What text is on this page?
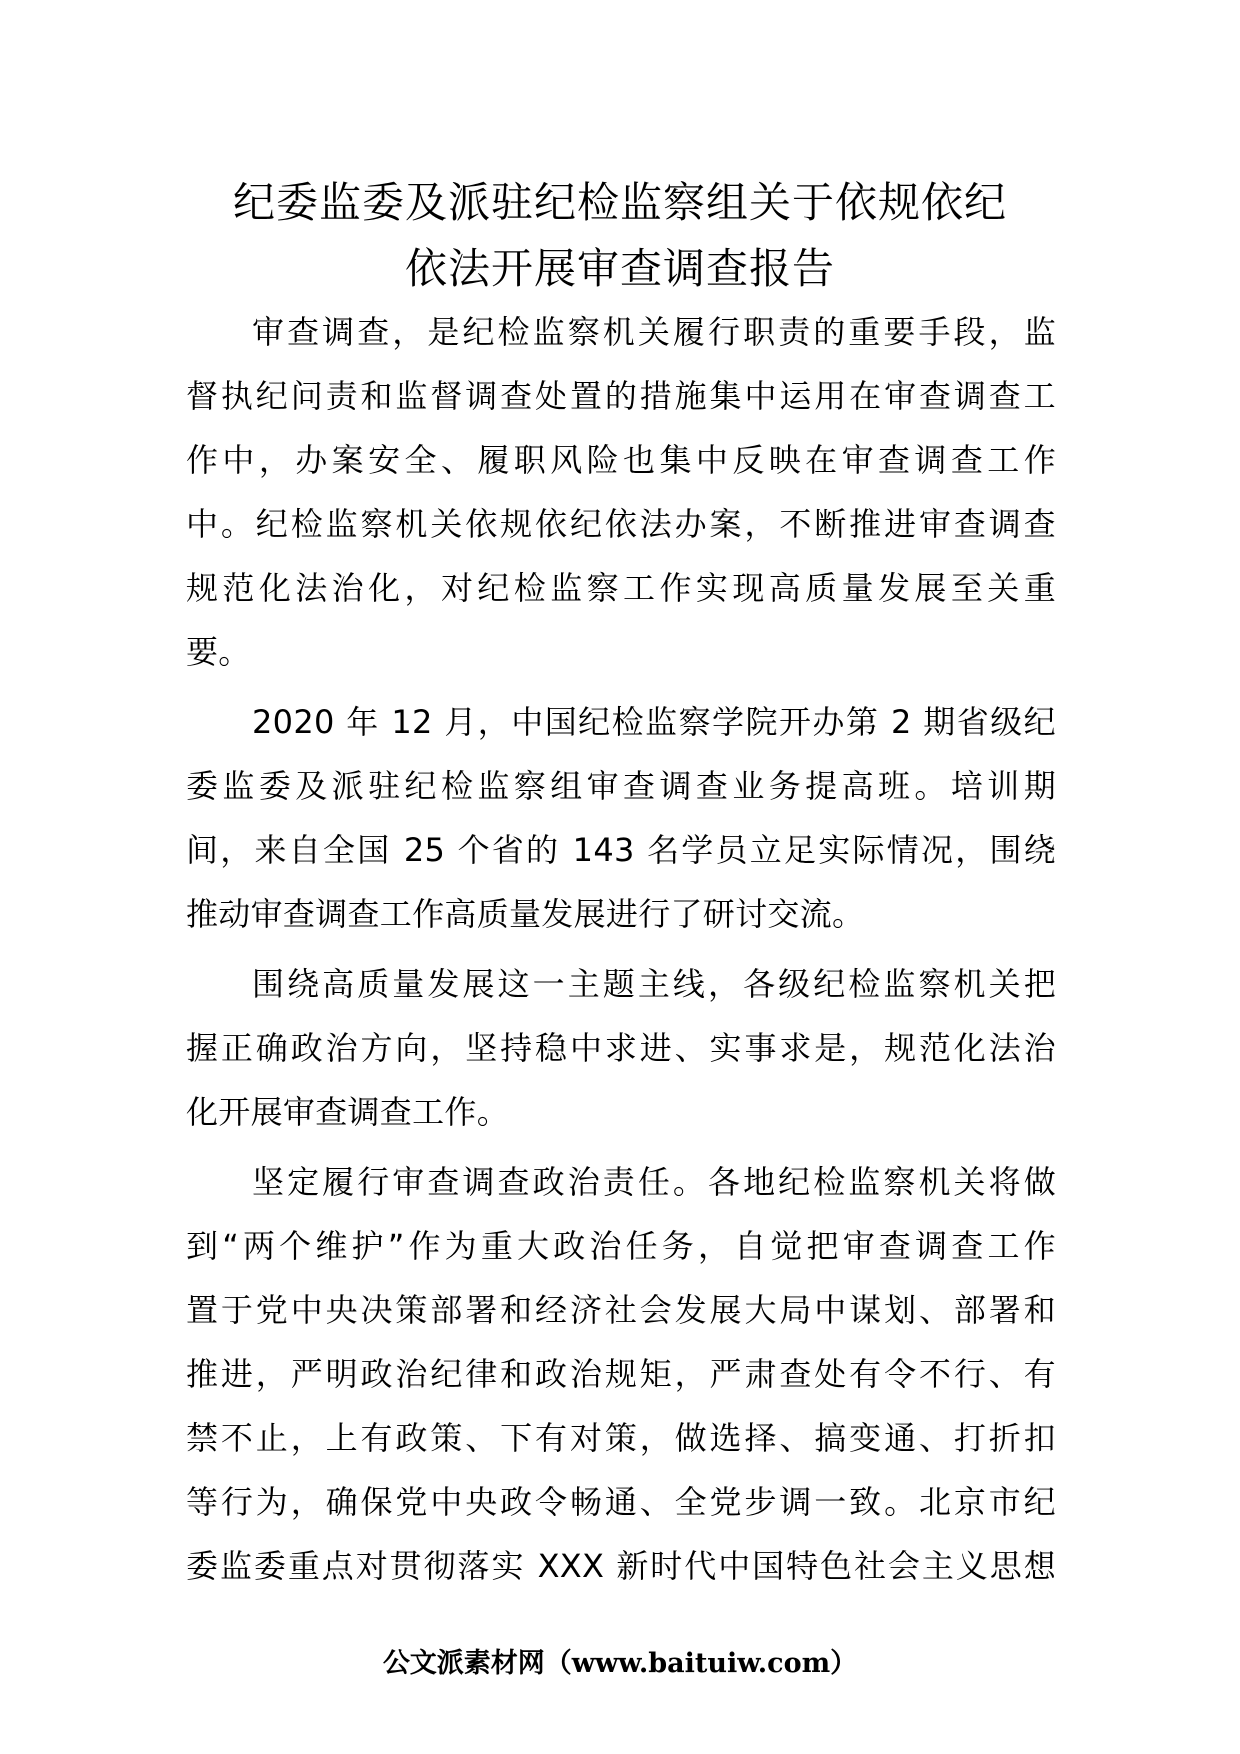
纪委监委及派驻纪检监察组关于依规依纪
依法开展审查调查报告
审查调查，是纪检监察机关履行职责的重要手段，监
督执纪问责和监督调查处置的措施集中运用在审查调查工
作中，办案安全、履职风险也集中反映在审查调查工作
中。纪检监察机关依规依纪依法办案，不断推进审查调查
规范化法治化，对纪检监察工作实现高质量发展至关重
要。
2020 年 12 月，中国纪检监察学院开办第 2 期省级纪
委监委及派驻纪检监察组审查调查业务提高班。培训期
间，来自全国 25 个省的 143 名学员立足实际情况，围绕
推动审查调查工作高质量发展进行了研讨交流。
围绕高质量发展这一主题主线，各级纪检监察机关把
握正确政治方向，坚持稳中求进、实事求是，规范化法治
化开展审查调查工作。
坚定履行审查调查政治责任。各地纪检监察机关将做
到“两个维护”作为重大政治任务，自觉把审查调查工作
置于党中央决策部署和经济社会发展大局中谋划、部署和
推进，严明政治纪律和政治规矩，严肃查处有令不行、有
禁不止，上有政策、下有对策，做选择、搞变通、打折扣
等行为，确保党中央政令畅通、全党步调一致。北京市纪
委监委重点对贯彻落实 XXX 新时代中国特色社会主义思想
公文派素材网（www.baituiw.com）
